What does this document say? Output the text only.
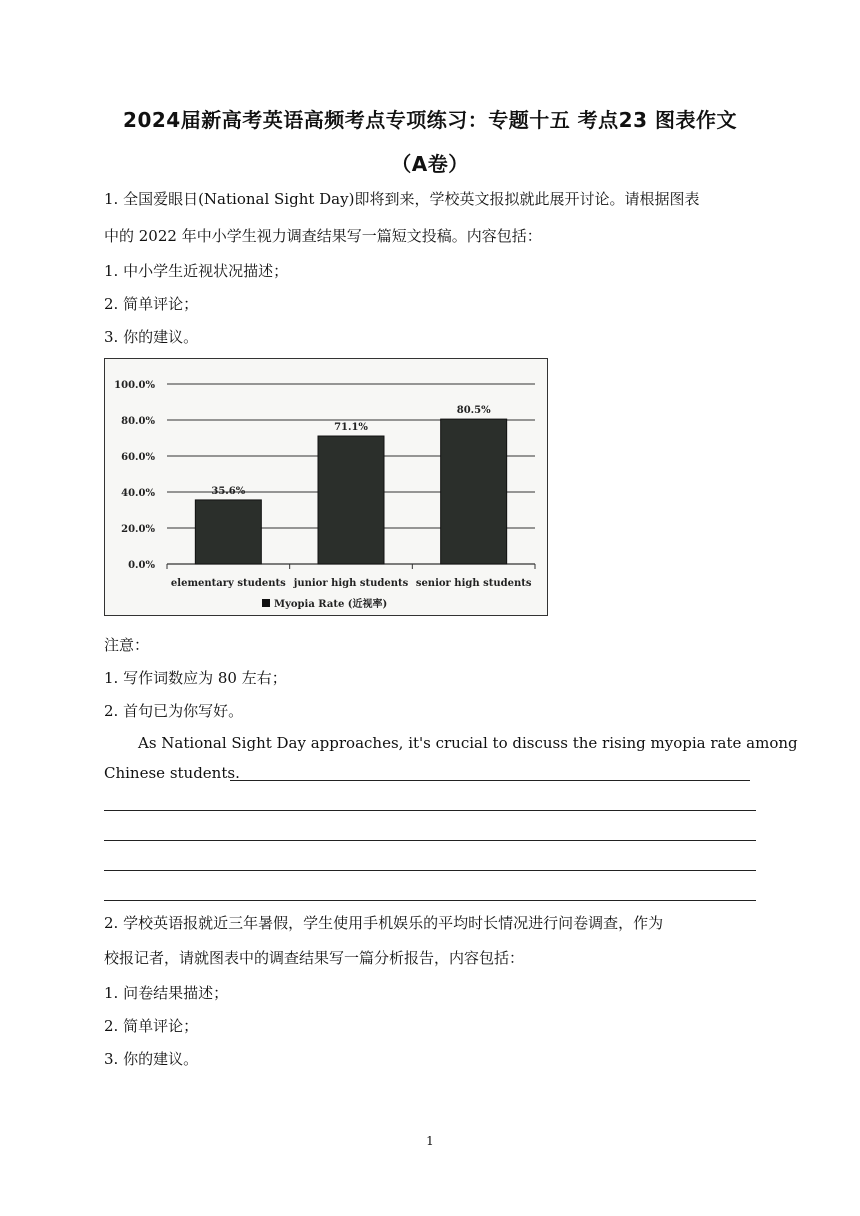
2024届新高考英语高频考点专项练习：专题十五 考点23 图表作文
（A卷）
1. 全国爱眼日(National Sight Day)即将到来，学校英文报拟就此展开讨论。请根据图表
中的 2022 年中小学生视力调查结果写一篇短文投稿。内容包括：
1. 中小学生近视状况描述；
2. 简单评论；
3. 你的建议。
0.0%
20.0%
40.0%
60.0%
80.0%
100.0%
35.6%
elementary students
71.1%
junior high students
80.5%
senior high students
Myopia Rate (近视率)
注意：
1. 写作词数应为 80 左右；
2. 首句已为你写好。
As National Sight Day approaches, it's crucial to discuss the rising myopia rate among
Chinese students.
2. 学校英语报就近三年暑假，学生使用手机娱乐的平均时长情况进行问卷调查，作为
校报记者，请就图表中的调查结果写一篇分析报告，内容包括：
1. 问卷结果描述；
2. 简单评论；
3. 你的建议。
1
